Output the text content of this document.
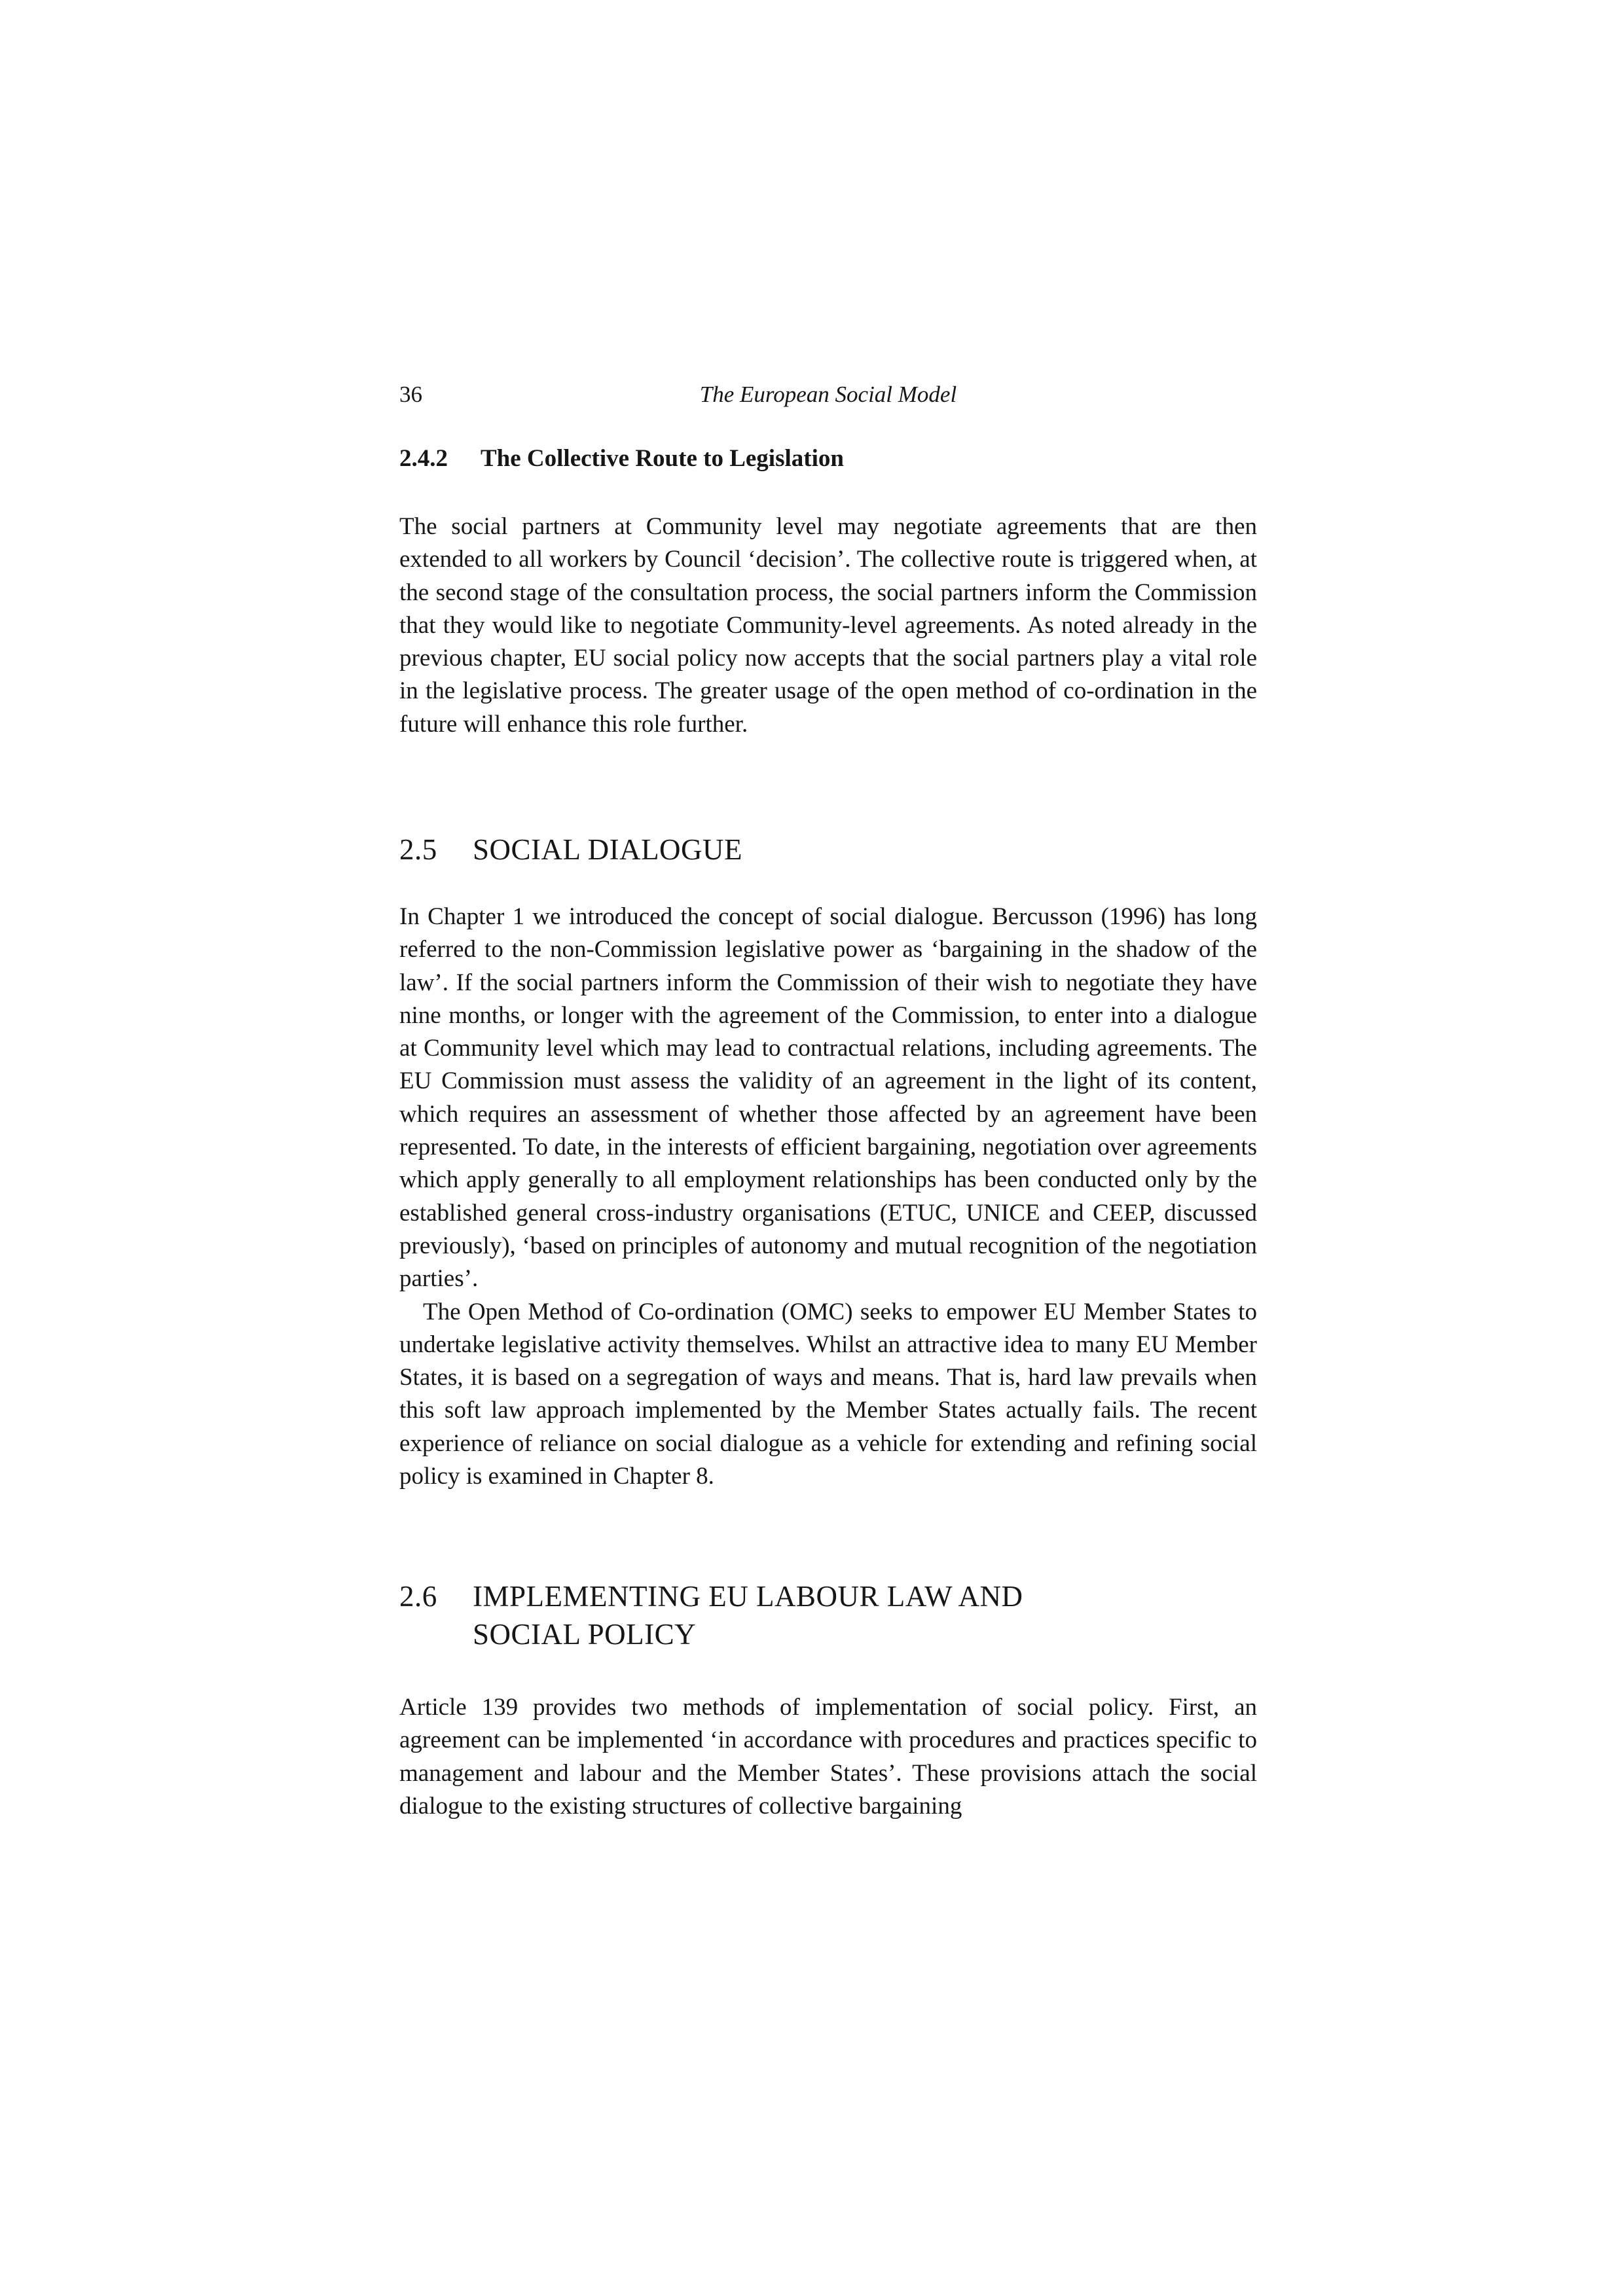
36	The European Social Model
2.4.2 The Collective Route to Legislation

The social partners at Community level may negotiate agreements that are then extended to all workers by Council ‘decision’. The collective route is triggered when, at the second stage of the consultation process, the social partners inform the Commission that they would like to negotiate Community-level agreements. As noted already in the previous chapter, EU social policy now accepts that the social partners play a vital role in the legislative process. The greater usage of the open method of co-ordination in the future will enhance this role further.

2.5 SOCIAL DIALOGUE

In Chapter 1 we introduced the concept of social dialogue. Bercusson (1996) has long referred to the non-Commission legislative power as ‘bargaining in the shadow of the law’. If the social partners inform the Commission of their wish to negotiate they have nine months, or longer with the agreement of the Commission, to enter into a dialogue at Community level which may lead to contractual relations, including agreements. The EU Commission must assess the validity of an agreement in the light of its content, which requires an assessment of whether those affected by an agreement have been represented. To date, in the interests of efficient bargaining, negotiation over agreements which apply generally to all employment relationships has been conducted only by the established general cross-industry organisations (ETUC, UNICE and CEEP, discussed previously), ‘based on principles of autonomy and mutual recognition of the negotiation parties’.

The Open Method of Co-ordination (OMC) seeks to empower EU Member States to undertake legislative activity themselves. Whilst an attractive idea to many EU Member States, it is based on a segregation of ways and means. That is, hard law prevails when this soft law approach implemented by the Member States actually fails. The recent experience of reliance on social dialogue as a vehicle for extending and refining social policy is examined in Chapter 8.

2.6 IMPLEMENTING EU LABOUR LAW AND
SOCIAL POLICY

Article 139 provides two methods of implementation of social policy. First, an agreement can be implemented ‘in accordance with procedures and practices specific to management and labour and the Member States’. These provisions attach the social dialogue to the existing structures of collective bargaining
